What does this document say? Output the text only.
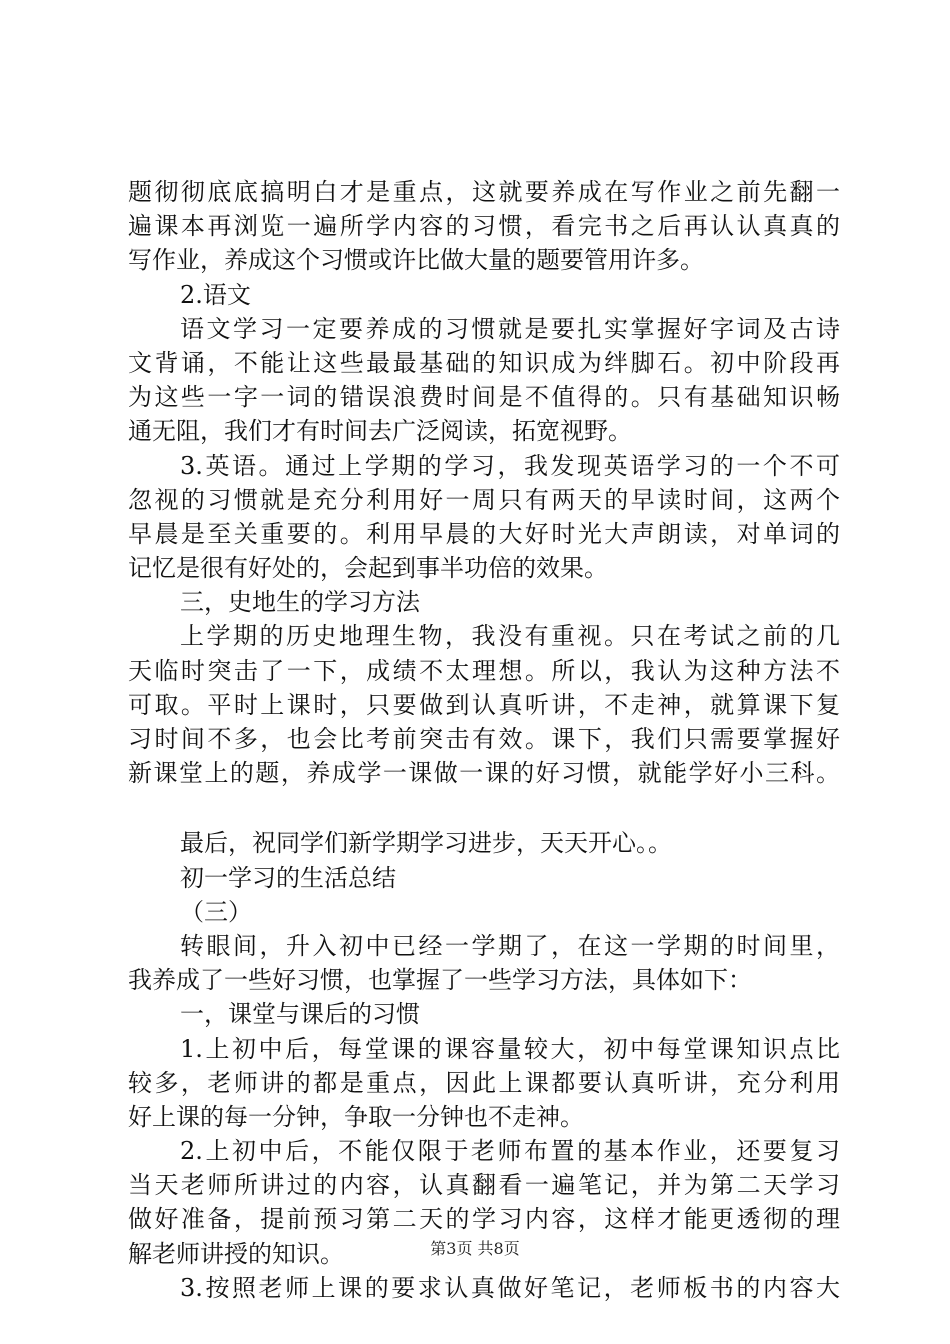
题彻彻底底搞明白才是重点，这就要养成在写作业之前先翻一
遍课本再浏览一遍所学内容的习惯，看完书之后再认认真真的
写作业，养成这个习惯或许比做大量的题要管用许多。
2.语文
语文学习一定要养成的习惯就是要扎实掌握好字词及古诗
文背诵，不能让这些最最基础的知识成为绊脚石。初中阶段再
为这些一字一词的错误浪费时间是不值得的。只有基础知识畅
通无阻，我们才有时间去广泛阅读，拓宽视野。
3.英语。通过上学期的学习，我发现英语学习的一个不可
忽视的习惯就是充分利用好一周只有两天的早读时间，这两个
早晨是至关重要的。利用早晨的大好时光大声朗读，对单词的
记忆是很有好处的，会起到事半功倍的效果。
三，史地生的学习方法
上学期的历史地理生物，我没有重视。只在考试之前的几
天临时突击了一下，成绩不太理想。所以，我认为这种方法不
可取。平时上课时，只要做到认真听讲，不走神，就算课下复
习时间不多，也会比考前突击有效。课下，我们只需要掌握好
新课堂上的题，养成学一课做一课的好习惯，就能学好小三科。
最后，祝同学们新学期学习进步，天天开心。。
初一学习的生活总结
（三）
转眼间，升入初中已经一学期了，在这一学期的时间里，
我养成了一些好习惯，也掌握了一些学习方法，具体如下：
一，课堂与课后的习惯
1.上初中后，每堂课的课容量较大，初中每堂课知识点比
较多，老师讲的都是重点，因此上课都要认真听讲，充分利用
好上课的每一分钟，争取一分钟也不走神。
2.上初中后，不能仅限于老师布置的基本作业，还要复习
当天老师所讲过的内容，认真翻看一遍笔记，并为第二天学习
做好准备，提前预习第二天的学习内容，这样才能更透彻的理
解老师讲授的知识。
3.按照老师上课的要求认真做好笔记，老师板书的内容大
第3页 共8页
